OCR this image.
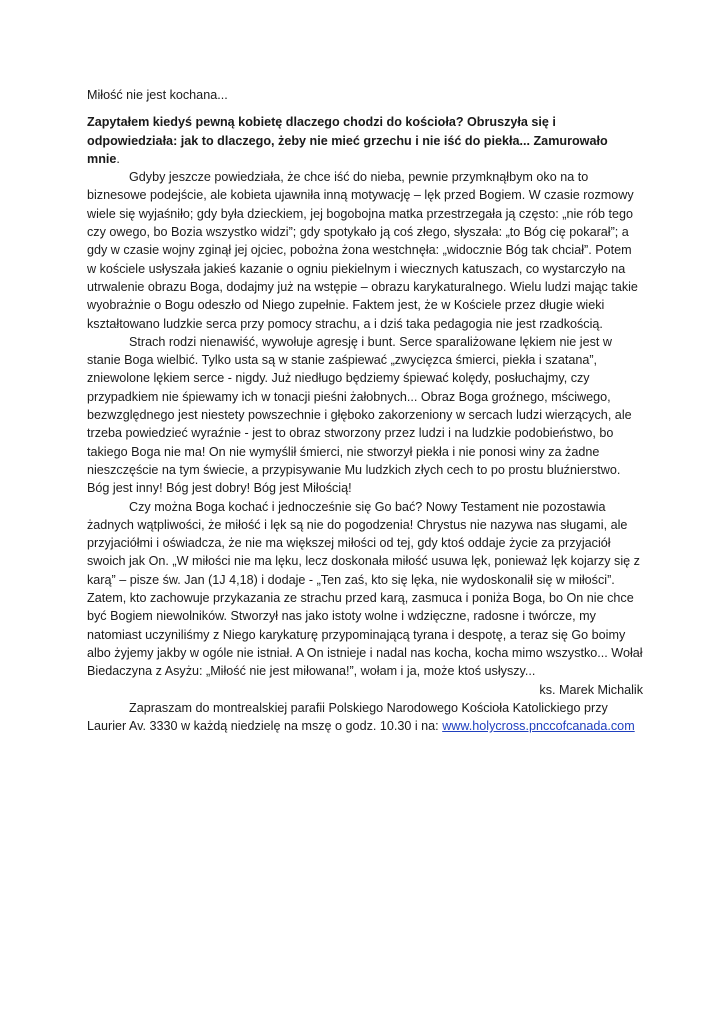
Miłość nie jest kochana...

Zapytałem kiedyś pewną kobietę dlaczego chodzi do kościoła? Obruszyła się i odpowiedziała: jak to dlaczego, żeby nie mieć grzechu i nie iść do piekła... Zamurowało mnie.

Gdyby jeszcze powiedziała, że chce iść do nieba, pewnie przymknąłbym oko na to biznesowe podejście, ale kobieta ujawniła inną motywację – lęk przed Bogiem. W czasie rozmowy wiele się wyjaśniło; gdy była dzieckiem, jej bogobojna matka przestrzegała ją często: „nie rób tego czy owego, bo Bozia wszystko widzi”; gdy spotykało ją coś złego, słyszała: „to Bóg cię pokarał”; a gdy w czasie wojny zginął jej ojciec, pobożna żona westchnęła: „widocznie Bóg tak chciał”. Potem w kościele usłyszała jakieś kazanie o ogniu piekielnym i wiecznych katuszach, co wystarczyło na utrwalenie obrazu Boga, dodajmy już na wstępie – obrazu karykaturalnego. Wielu ludzi mając takie wyobrażnie o Bogu odeszło od Niego zupełnie. Faktem jest, że w Kościele przez długie wieki kształtowano ludzkie serca przy pomocy strachu, a i dziś taka pedagogia nie jest rzadkością.

Strach rodzi nienawiść, wywołuje agresję i bunt. Serce sparaliżowane lękiem nie jest w stanie Boga wielbić. Tylko usta są w stanie zaśpiewać „zwycięzca śmierci, piekła i szatana”, zniewolone lękiem serce - nigdy. Już niedługo będziemy śpiewać kolędy, posłuchajmy, czy przypadkiem nie śpiewamy ich w tonacji pieśni żałobnych... Obraz Boga groźnego, mściwego, bezwzględnego jest niestety powszechnie i głęboko zakorzeniony w sercach ludzi wierzących, ale trzeba powiedzieć wyraźnie - jest to obraz stworzony przez ludzi i na ludzkie podobieństwo, bo takiego Boga nie ma! On nie wymyślił śmierci, nie stworzył piekła i nie ponosi winy za żadne nieszczęście na tym świecie, a przypisywanie Mu ludzkich złych cech to po prostu bluźnierstwo. Bóg jest inny! Bóg jest dobry! Bóg jest Miłością!

Czy można Boga kochać i jednocześnie się Go bać? Nowy Testament nie pozostawia żadnych wątpliwości, że miłość i lęk są nie do pogodzenia! Chrystus nie nazywa nas sługami, ale przyjaciółmi i oświadcza, że nie ma większej miłości od tej, gdy ktoś oddaje życie za przyjaciół swoich jak On. „W miłości nie ma lęku, lecz doskonała miłość usuwa lęk, ponieważ lęk kojarzy się z karą” – pisze św. Jan (1J 4,18) i dodaje - „Ten zaś, kto się lęka, nie wydoskonalił się w miłości”. Zatem, kto zachowuje przykazania ze strachu przed karą, zasmuca i poniża Boga, bo On nie chce być Bogiem niewolników. Stworzył nas jako istoty wolne i wdzięczne, radosne i twórcze, my natomiast uczyniliśmy z Niego karykaturę przypominającą tyrana i despotę, a teraz się Go boimy albo żyjemy jakby w ogóle nie istniał. A On istnieje i nadal nas kocha, kocha mimo wszystko... Wołał Biedaczyna z Asyżu: „Miłość nie jest miłowana!”, wołam i ja, może ktoś usłyszy...

ks. Marek Michalik

Zapraszam do montrealskiej parafii Polskiego Narodowego Kościoła Katolickiego przy Laurier Av. 3330 w każdą niedzielę na mszę o godz. 10.30 i na: www.holycross.pnccofcanada.com
